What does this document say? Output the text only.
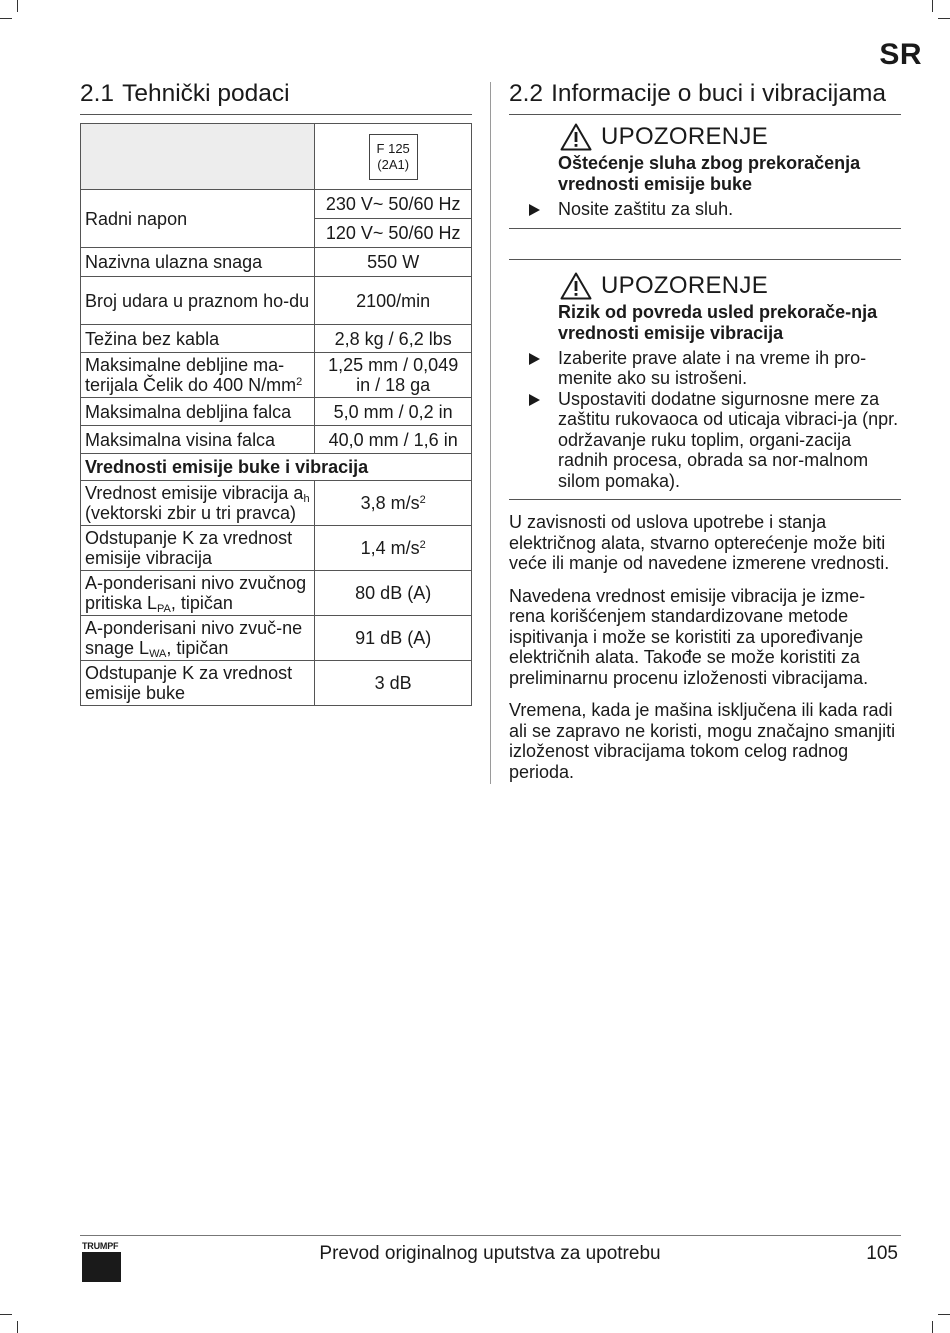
SR
2.1 Tehnički podaci

	F 125
(2A1)

Radni napon	230 V~ 50/60 Hz
120 V~ 50/60 Hz

Nazivna ulazna snaga	550 W
Broj udara u praznom ho-du	2100/min
Težina bez kabla	2,8 kg / 6,2 lbs
Maksimalne debljine ma-terijala Čelik do 400 $N/mm^2$	1,25 mm / 0,049 in / 18 ga
Maksimalna debljina falca	5,0 mm / 0,2 in
Maksimalna visina falca	40,0 mm / 1,6 in
Vrednosti emisije buke i vibracija	
Vrednost emisije vibracija $a_h$ (vektorski zbir u tri pravca)	3,8 $m/s^2$
Odstupanje K za vrednost emisije vibracija	1,4 $m/s^2$
A-ponderisani nivo zvučnog pritiska $L_{PA}$, tipičan	80 dB (A)
A-ponderisani nivo zvuč-ne snage $L_{WA}$, tipičan	91 dB (A)
Odstupanje K za vrednost emisije buke	3 dB
2.2 Informacije o buci i vibracijama
UPOZORENJE
Oštećenje sluha zbog prekoračenja vrednosti emisije buke
Nosite zaštitu za sluh.
UPOZORENJE
Rizik od povreda usled prekorače-nja vrednosti emisije vibracija
Izaberite prave alate i na vreme ih pro-menite ako su istrošeni.
Uspostaviti dodatne sigurnosne mere za zaštitu rukovaoca od uticaja vibraci-ja (npr. održavanje ruku toplim, organi-zacija radnih procesa, obrada sa nor-malnom silom pomaka).

U zavisnosti od uslova upotrebe i stanja električnog alata, stvarno opterećenje može biti veće ili manje od navedene izmerene vrednosti.

Navedena vrednost emisije vibracija je izme-rena korišćenjem standardizovane metode ispitivanja i može se koristiti za upoređivanje električnih alata. Takođe se može koristiti za preliminarnu procenu izloženosti vibracijama.

Vremena, kada je mašina isključena ili kada radi ali se zapravo ne koristi, mogu značajno smanjiti izloženost vibracijama tokom celog radnog perioda.

TRUMPF	Prevod originalnog uputstva za upotrebu	105
